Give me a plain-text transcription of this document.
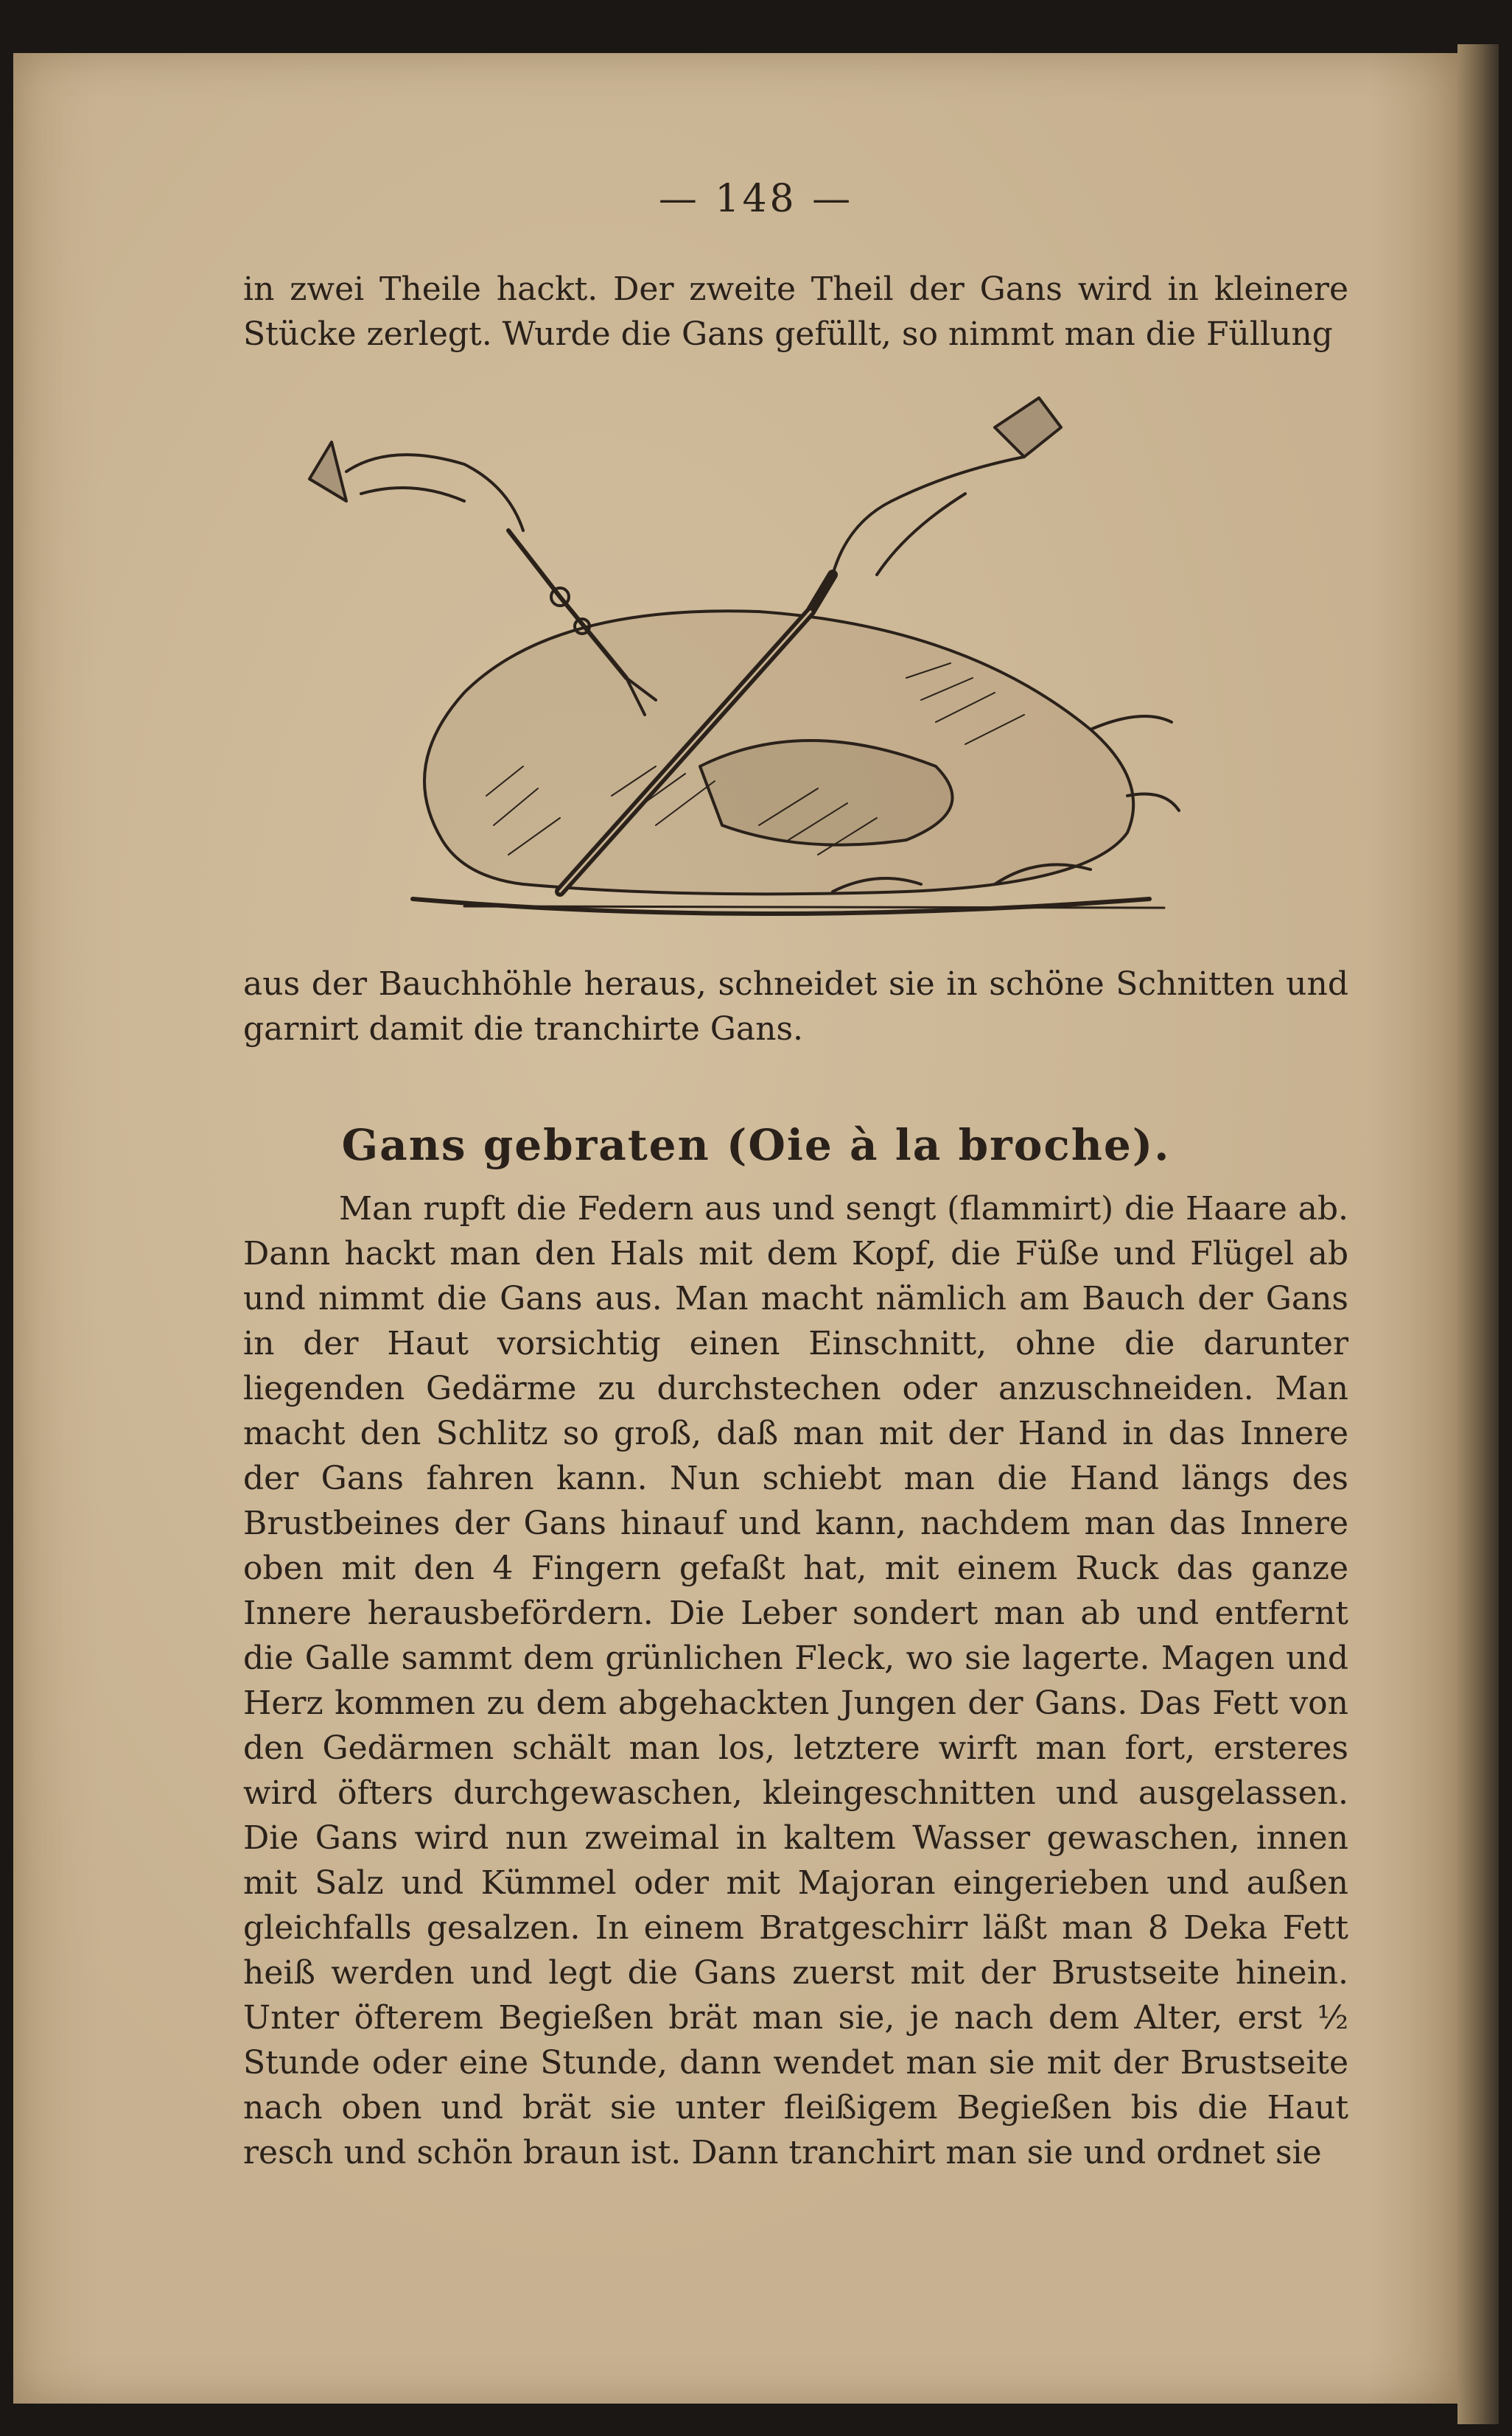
— 148 —

in zwei Theile hackt. Der zweite Theil der Gans wird in kleinere Stücke zerlegt. Wurde die Gans gefüllt, so nimmt man die Füllung

aus der Bauchhöhle heraus, schneidet sie in schöne Schnitten und garnirt damit die tranchirte Gans.

Gans gebraten (Oie à la broche).

Man rupft die Federn aus und sengt (flammirt) die Haare ab. Dann hackt man den Hals mit dem Kopf, die Füße und Flügel ab und nimmt die Gans aus. Man macht nämlich am Bauch der Gans in der Haut vorsichtig einen Einschnitt, ohne die darunter liegenden Gedärme zu durchstechen oder anzuschneiden. Man macht den Schlitz so groß, daß man mit der Hand in das Innere der Gans fahren kann. Nun schiebt man die Hand längs des Brustbeines der Gans hinauf und kann, nachdem man das Innere oben mit den 4 Fingern gefaßt hat, mit einem Ruck das ganze Innere herausbefördern. Die Leber sondert man ab und entfernt die Galle sammt dem grünlichen Fleck, wo sie lagerte. Magen und Herz kommen zu dem abgehackten Jungen der Gans. Das Fett von den Gedärmen schält man los, letztere wirft man fort, ersteres wird öfters durchgewaschen, kleingeschnitten und ausgelassen. Die Gans wird nun zweimal in kaltem Wasser gewaschen, innen mit Salz und Kümmel oder mit Majoran eingerieben und außen gleichfalls gesalzen. In einem Bratgeschirr läßt man 8 Deka Fett heiß werden und legt die Gans zuerst mit der Brustseite hinein. Unter öfterem Begießen brät man sie, je nach dem Alter, erst ½ Stunde oder eine Stunde, dann wendet man sie mit der Brustseite nach oben und brät sie unter fleißigem Begießen bis die Haut resch und schön braun ist. Dann tranchirt man sie und ordnet sie
